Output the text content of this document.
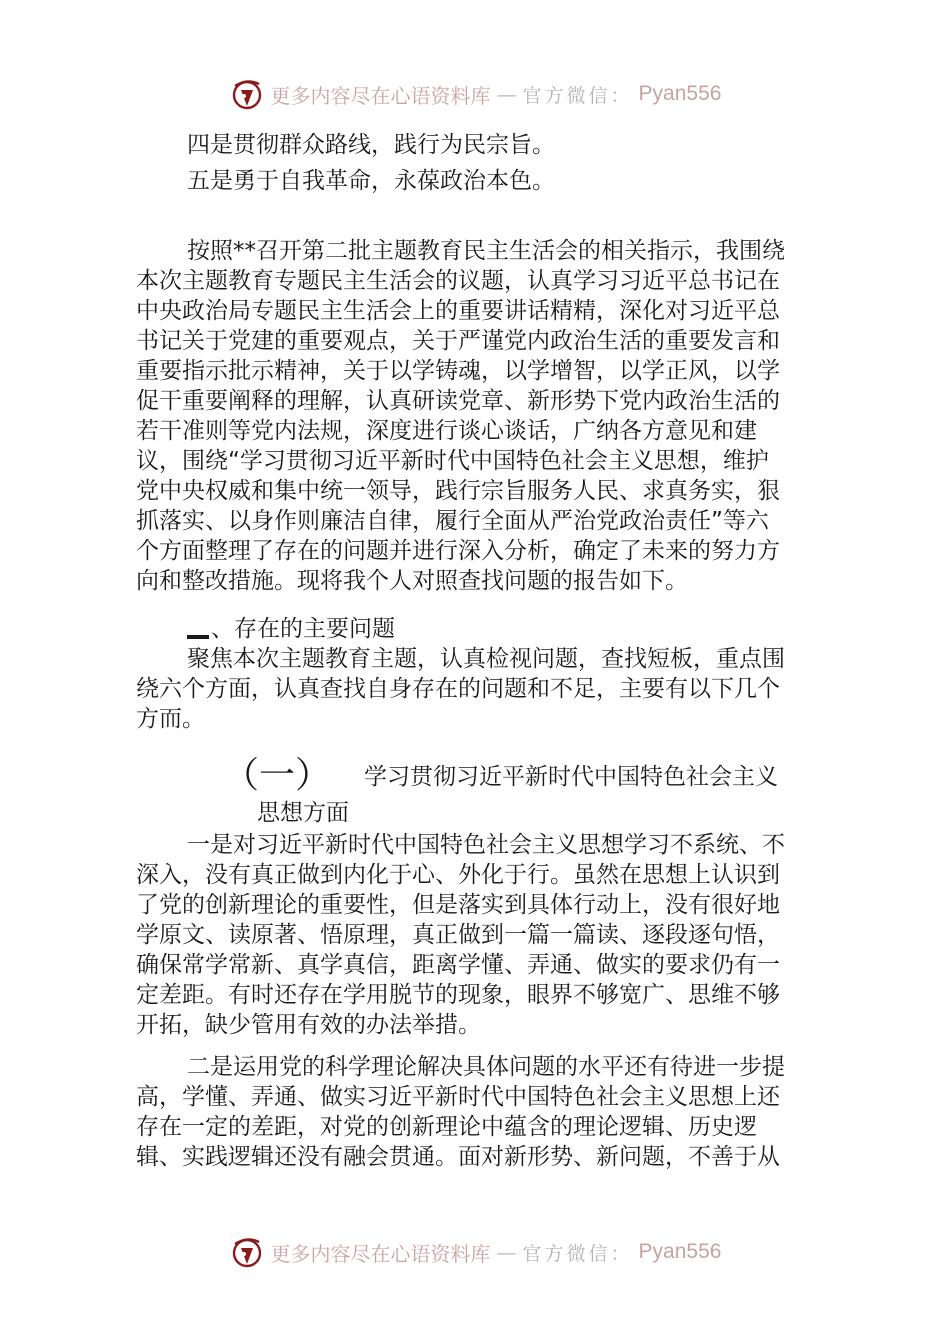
更多内容尽在心语资料库 — 官方微信： Pyan556

四是贯彻群众路线，践行为民宗旨。

五是勇于自我革命，永葆政治本色。

按照**召开第二批主题教育民主生活会的相关指示，我围绕

本次主题教育专题民主生活会的议题，认真学习习近平总书记在

中央政治局专题民主生活会上的重要讲话精精，深化对习近平总

书记关于党建的重要观点，关于严谨党内政治生活的重要发言和

重要指示批示精神，关于以学铸魂，以学增智，以学正风，以学

促干重要阐释的理解，认真研读党章、新形势下党内政治生活的

若干准则等党内法规，深度进行谈心谈话，广纳各方意见和建

议，围绕“学习贯彻习近平新时代中国特色社会主义思想，维护

党中央权威和集中统一领导，践行宗旨服务人民、求真务实，狠

抓落实、以身作则廉洁自律，履行全面从严治党政治责任”等六

个方面整理了存在的问题并进行深入分析，确定了未来的努力方

向和整改措施。现将我个人对照查找问题的报告如下。

、存在的主要问题

聚焦本次主题教育主题，认真检视问题，查找短板，重点围

绕六个方面，认真查找自身存在的问题和不足，主要有以下几个

方而。

（一） 学习贯彻习近平新时代中国特色社会主义
思想方面

一是对习近平新时代中国特色社会主义思想学习不系统、不

深入，没有真正做到内化于心、外化于行。虽然在思想上认识到

了党的创新理论的重要性，但是落实到具体行动上，没有很好地

学原文、读原著、悟原理，真正做到一篇一篇读、逐段逐句悟，

确保常学常新、真学真信，距离学懂、弄通、做实的要求仍有一

定差距。有时还存在学用脱节的现象，眼界不够宽广、思维不够

开拓，缺少管用有效的办法举措。

二是运用党的科学理论解决具体问题的水平还有待进一步提

高，学懂、弄通、做实习近平新时代中国特色社会主义思想上还

存在一定的差距，对党的创新理论中蕴含的理论逻辑、历史逻

辑、实践逻辑还没有融会贯通。面对新形势、新问题，不善于从

更多内容尽在心语资料库 — 官方微信： Pyan556
